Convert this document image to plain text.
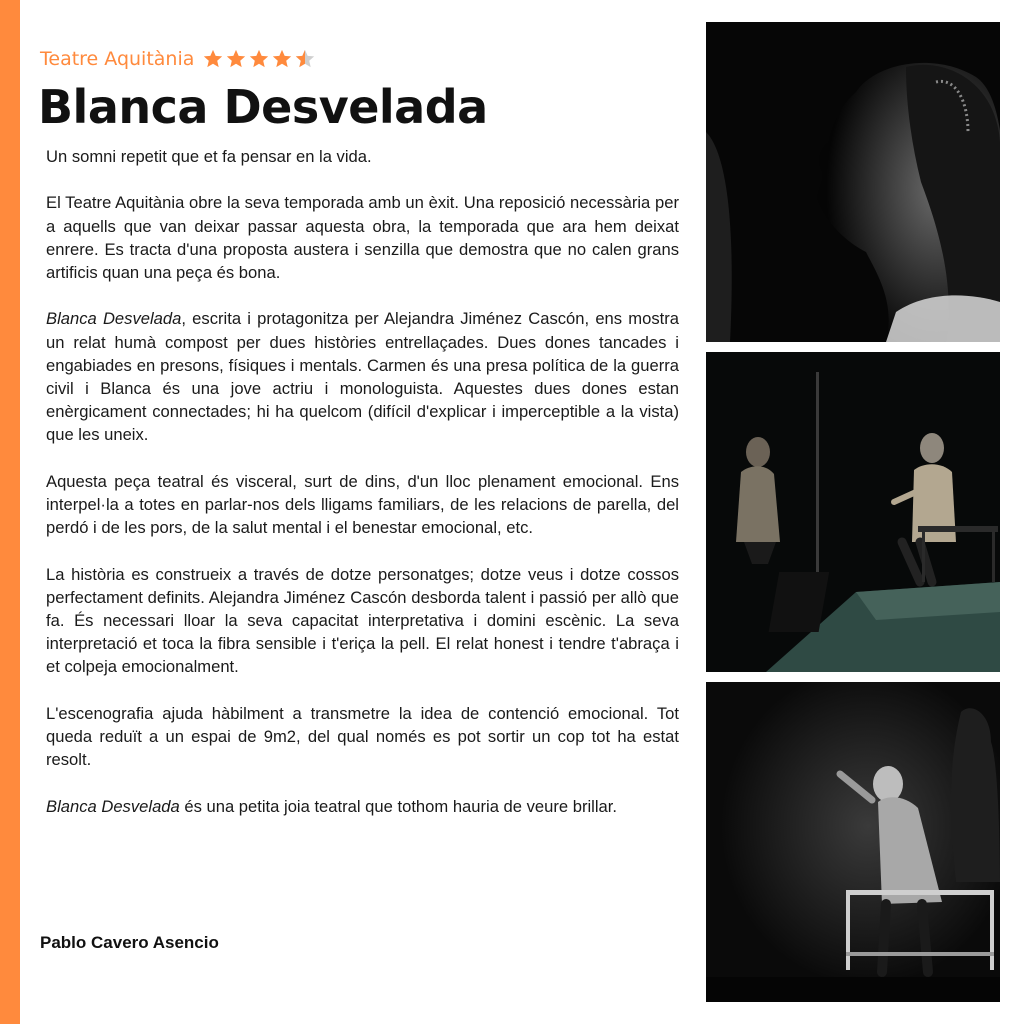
Teatre Aquitània
Blanca Desvelada

Un somni repetit que et fa pensar en la vida.

El Teatre Aquitània obre la seva temporada amb un èxit. Una reposició necessària per a aquells que van deixar passar aquesta obra, la temporada que ara hem deixat enrere. Es tracta d'una proposta austera i senzilla que demostra que no calen grans artificis quan una peça és bona.

Blanca Desvelada, escrita i protagonitza per Alejandra Jiménez Cascón, ens mostra un relat humà compost per dues històries entrellaçades. Dues dones tancades i engabiades en presons, físiques i mentals. Carmen és una presa política de la guerra civil i Blanca és una jove actriu i monologuista. Aquestes dues dones estan enèrgicament connectades; hi ha quelcom (difícil d'explicar i imperceptible a la vista) que les uneix.

Aquesta peça teatral és visceral, surt de dins, d'un lloc plenament emocional. Ens interpel·la a totes en parlar-nos dels lligams familiars, de les relacions de parella, del perdó i de les pors, de la salut mental i el benestar emocional, etc.

La història es construeix a través de dotze personatges; dotze veus i dotze cossos perfectament definits. Alejandra Jiménez Cascón desborda talent i passió per allò que fa. És necessari lloar la seva capacitat interpretativa i domini escènic. La seva interpretació et toca la fibra sensible i t'eriça la pell. El relat honest i tendre t'abraça i et colpeja emocionalment.

L'escenografia ajuda hàbilment a transmetre la idea de contenció emocional. Tot queda reduït a un espai de 9m2, del qual només es pot sortir un cop tot ha estat resolt.

Blanca Desvelada és una petita joia teatral que tothom hauria de veure brillar.

Pablo Cavero Asencio
